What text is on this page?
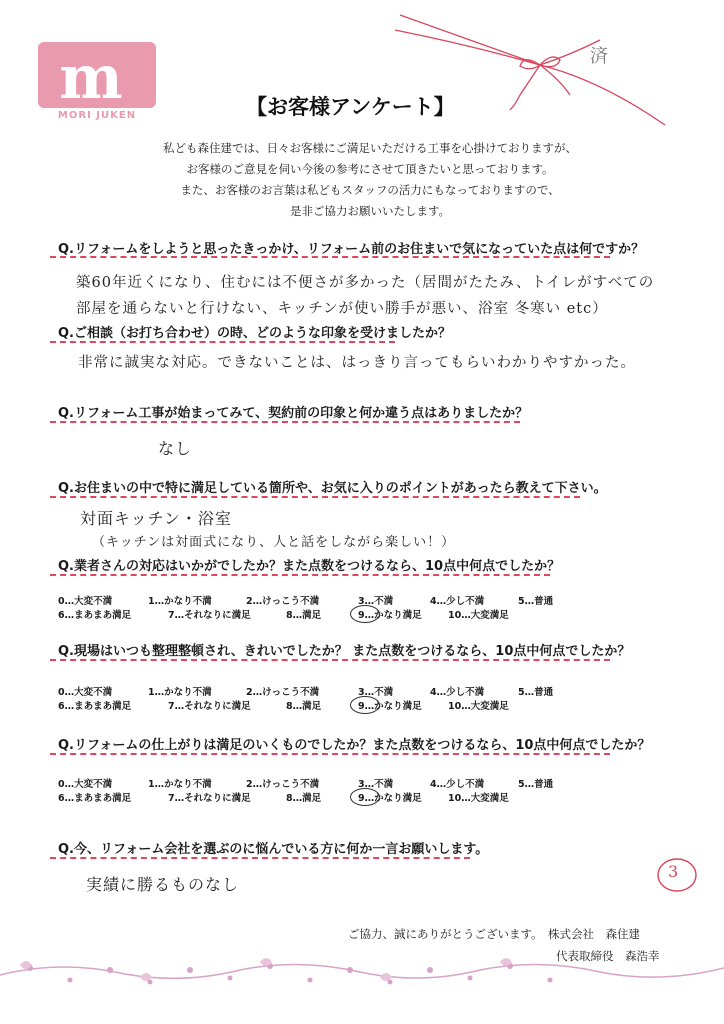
済
m
MORI JUKEN	【お客様アンケート】
私ども森住建では、日々お客様にご満足いただける工事を心掛けておりますが、
お客様のご意見を伺い今後の参考にさせて頂きたいと思っております。
また、お客様のお言葉は私どもスタッフの活力にもなっておりますので、
是非ご協力お願いいたします。
Q.リフォームをしようと思ったきっかけ、リフォーム前のお住まいで気になっていた点は何ですか？
築60年近くになり、住むには不便さが多かった（居間がたたみ、トイレがすべての
部屋を通らないと行けない、キッチンが使い勝手が悪い、浴室 冬寒い etc）
Q.ご相談（お打ち合わせ）の時、どのような印象を受けましたか？
非常に誠実な対応。できないことは、はっきり言ってもらいわかりやすかった。
Q.リフォーム工事が始まってみて、契約前の印象と何か違う点はありましたか？
なし
Q.お住まいの中で特に満足している箇所や、お気に入りのポイントがあったら教えて下さい。
対面キッチン・浴室
（キッチンは対面式になり、人と話をしながら楽しい！）
Q.業者さんの対応はいかがでしたか？また点数をつけるなら、10点中何点でしたか？
0…大変不満	1…かなり不満	2…けっこう不満	3…不満	4…少し不満	5…普通
6…まあまあ満足	7…それなりに満足	8…満足	9…かなり満足	10…大変満足
Q.現場はいつも整理整頓され、きれいでしたか？ また点数をつけるなら、10点中何点でしたか？
0…大変不満	1…かなり不満	2…けっこう不満	3…不満	4…少し不満	5…普通
6…まあまあ満足	7…それなりに満足	8…満足	9…かなり満足	10…大変満足
Q.リフォームの仕上がりは満足のいくものでしたか？また点数をつけるなら、10点中何点でしたか？
0…大変不満	1…かなり不満	2…けっこう不満	3…不満	4…少し不満	5…普通
6…まあまあ満足	7…それなりに満足	8…満足	9…かなり満足	10…大変満足
Q.今、リフォーム会社を選ぶのに悩んでいる方に何か一言お願いします。
実績に勝るものなし
3
ご協力、誠にありがとうございます。 株式会社　森住建
代表取締役　森浩幸
